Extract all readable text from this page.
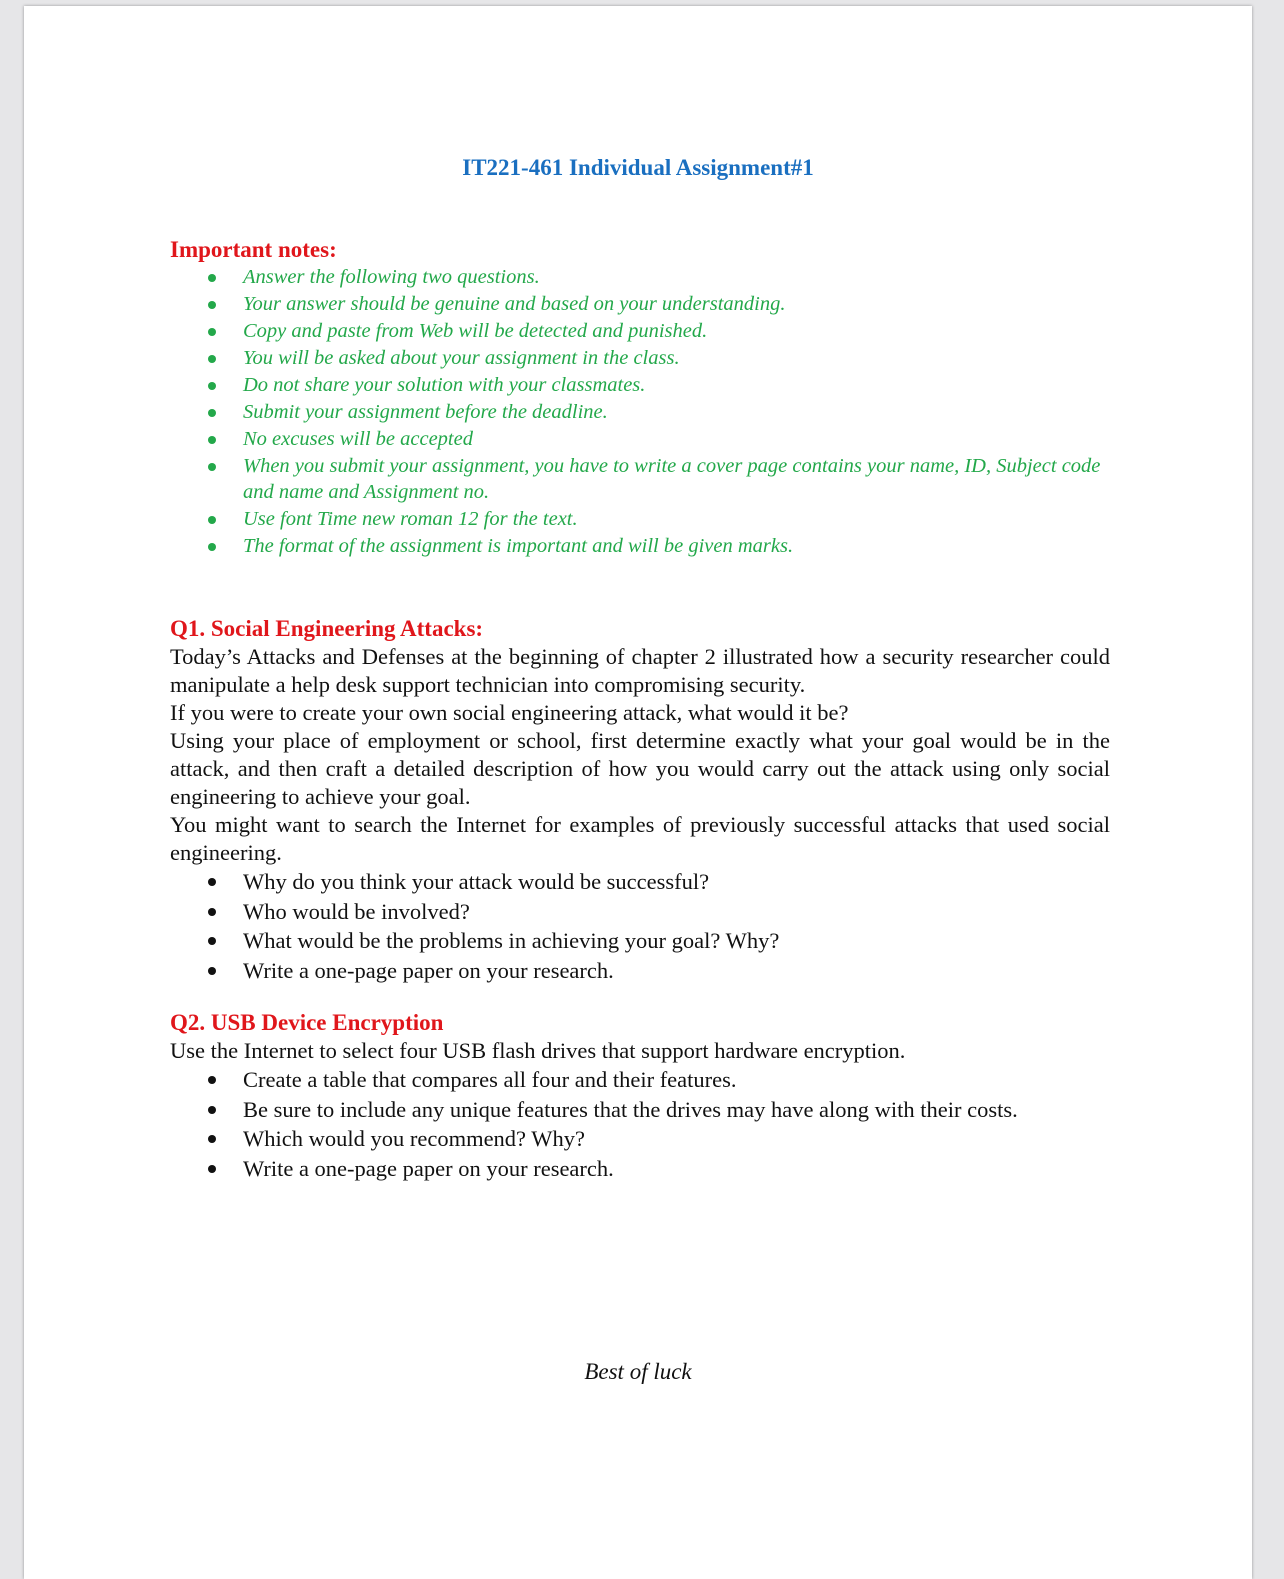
IT221-461 Individual Assignment#1
Important notes:
Answer the following two questions.
Your answer should be genuine and based on your understanding.
Copy and paste from Web will be detected and punished.
You will be asked about your assignment in the class.
Do not share your solution with your classmates.
Submit your assignment before the deadline.
No excuses will be accepted
When you submit your assignment, you have to write a cover page contains your name, ID, Subject code and name and Assignment no.
Use font Time new roman 12 for the text.
The format of the assignment is important and will be given marks.
Q1. Social Engineering Attacks:

Today’s Attacks and Defenses at the beginning of chapter 2 illustrated how a security researcher could manipulate a help desk support technician into compromising security.

If you were to create your own social engineering attack, what would it be?

Using your place of employment or school, first determine exactly what your goal would be in the attack, and then craft a detailed description of how you would carry out the attack using only social engineering to achieve your goal.

You might want to search the Internet for examples of previously successful attacks that used social engineering.

Why do you think your attack would be successful?
Who would be involved?
What would be the problems in achieving your goal? Why?
Write a one-page paper on your research.
Q2. USB Device Encryption

Use the Internet to select four USB flash drives that support hardware encryption.

Create a table that compares all four and their features.
Be sure to include any unique features that the drives may have along with their costs.
Which would you recommend? Why?
Write a one-page paper on your research.
Best of luck
